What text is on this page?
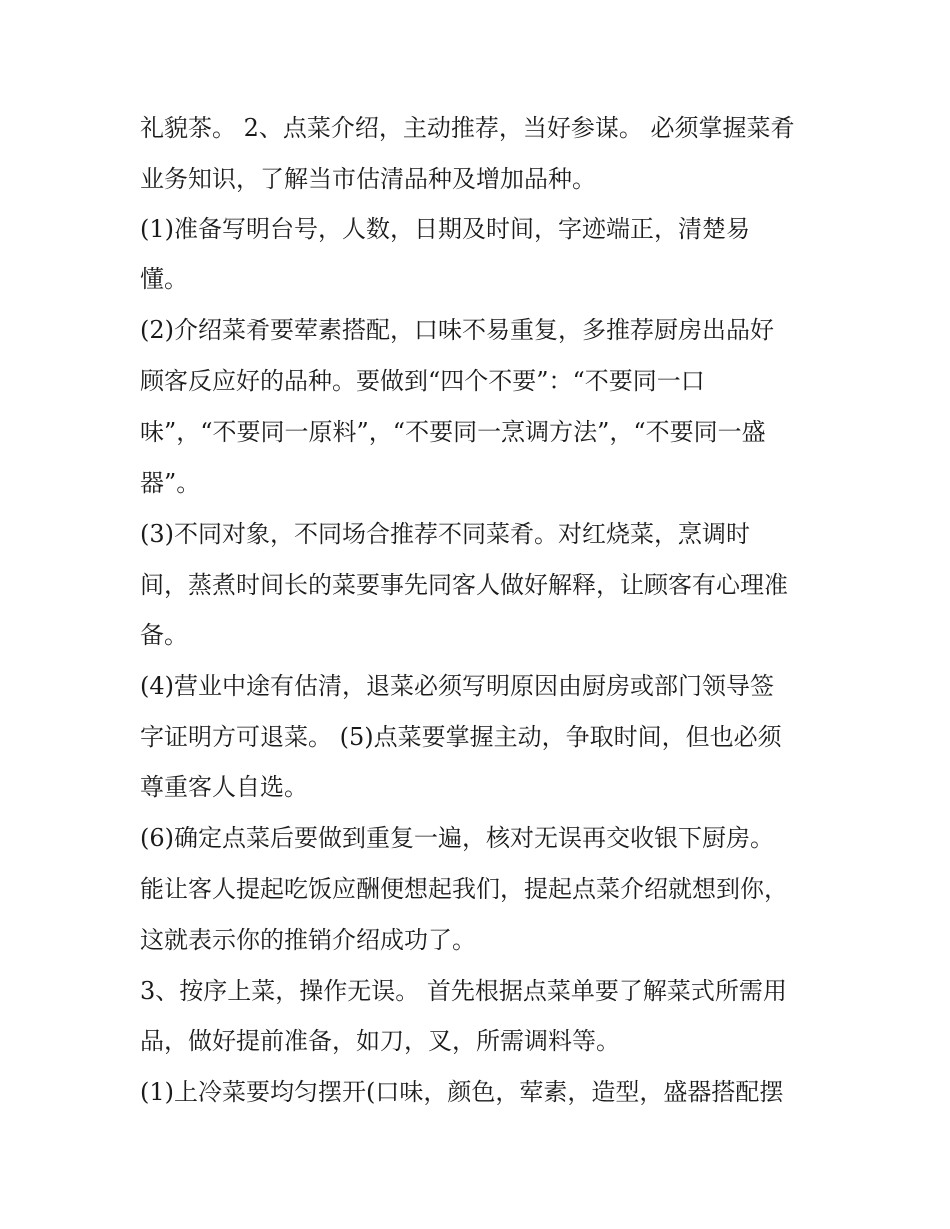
礼貌茶。 2、点菜介绍，主动推荐，当好参谋。 必须掌握菜肴
业务知识，了解当市估清品种及增加品种。
(1)准备写明台号，人数，日期及时间，字迹端正，清楚易
懂。
(2)介绍菜肴要荤素搭配，口味不易重复，多推荐厨房出品好
顾客反应好的品种。要做到“四个不要”：“不要同一口
味”，“不要同一原料”，“不要同一烹调方法”，“不要同一盛
器”。
(3)不同对象，不同场合推荐不同菜肴。对红烧菜，烹调时
间，蒸煮时间长的菜要事先同客人做好解释，让顾客有心理准
备。
(4)营业中途有估清，退菜必须写明原因由厨房或部门领导签
字证明方可退菜。 (5)点菜要掌握主动，争取时间，但也必须
尊重客人自选。
(6)确定点菜后要做到重复一遍，核对无误再交收银下厨房。
能让客人提起吃饭应酬便想起我们，提起点菜介绍就想到你，
这就表示你的推销介绍成功了。
3、按序上菜，操作无误。 首先根据点菜单要了解菜式所需用
品，做好提前准备，如刀，叉，所需调料等。
(1)上冷菜要均匀摆开(口味，颜色，荤素，造型，盛器搭配摆
